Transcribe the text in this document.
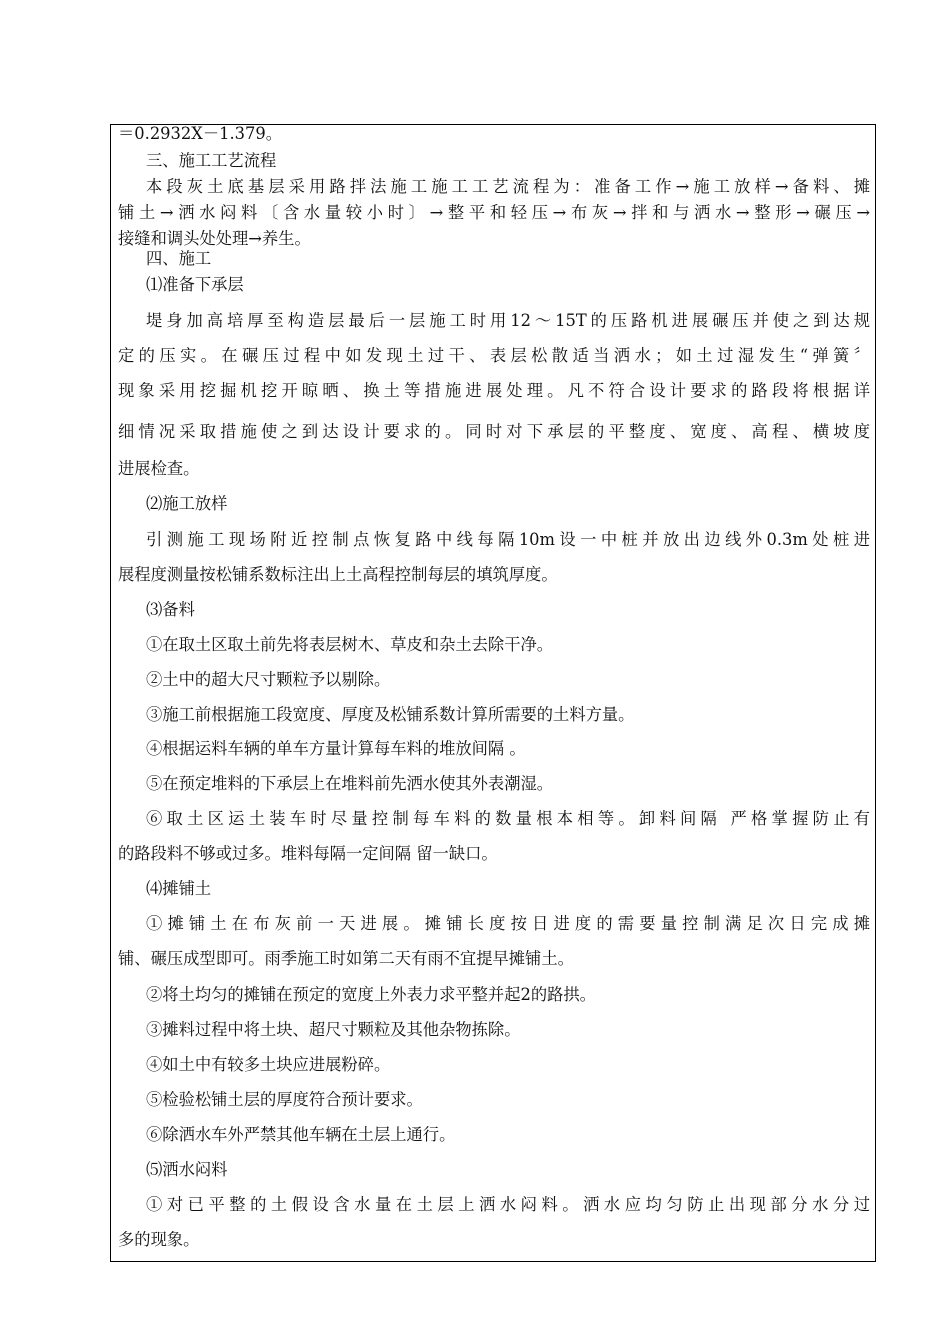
＝0.2932X－1.379。
三、施工工艺流程
本段灰土底基层采用路拌法施工施工工艺流程为：准备工作→施工放样→备料、摊
铺土→洒水闷料〔含水量较小时〕→整平和轻压→布灰→拌和与洒水→整形→碾压→
接缝和调头处处理→养生。
四、施工
⑴准备下承层
堤身加高培厚至构造层最后一层施工时用12～15T的压路机进展碾压并使之到达规
定的压实。在碾压过程中如发现土过干、表层松散适当洒水；如土过湿发生“弹簧〞
现象采用挖掘机挖开晾晒、换土等措施进展处理。凡不符合设计要求的路段将根据详
细情况采取措施使之到达设计要求的。同时对下承层的平整度、宽度、高程、横坡度
进展检查。
⑵施工放样
引测施工现场附近控制点恢复路中线每隔10m设一中桩并放出边线外0.3m处桩进
展程度测量按松铺系数标注出上土高程控制每层的填筑厚度。
⑶备料
①在取土区取土前先将表层树木、草皮和杂土去除干净。
②土中的超大尺寸颗粒予以剔除。
③施工前根据施工段宽度、厚度及松铺系数计算所需要的土料方量。
④根据运料车辆的单车方量计算每车料的堆放间隔 。
⑤在预定堆料的下承层上在堆料前先洒水使其外表潮湿。
⑥取土区运土装车时尽量控制每车料的数量根本相等。卸料间隔 严格掌握防止有
的路段料不够或过多。堆料每隔一定间隔 留一缺口。
⑷摊铺土
①摊铺土在布灰前一天进展。摊铺长度按日进度的需要量控制满足次日完成摊
铺、碾压成型即可。雨季施工时如第二天有雨不宜提早摊铺土。
②将土均匀的摊铺在预定的宽度上外表力求平整并起2的路拱。
③摊料过程中将土块、超尺寸颗粒及其他杂物拣除。
④如土中有较多土块应进展粉碎。
⑤检验松铺土层的厚度符合预计要求。
⑥除洒水车外严禁其他车辆在土层上通行。
⑸洒水闷料
①对已平整的土假设含水量在土层上洒水闷料。洒水应均匀防止出现部分水分过
多的现象。
